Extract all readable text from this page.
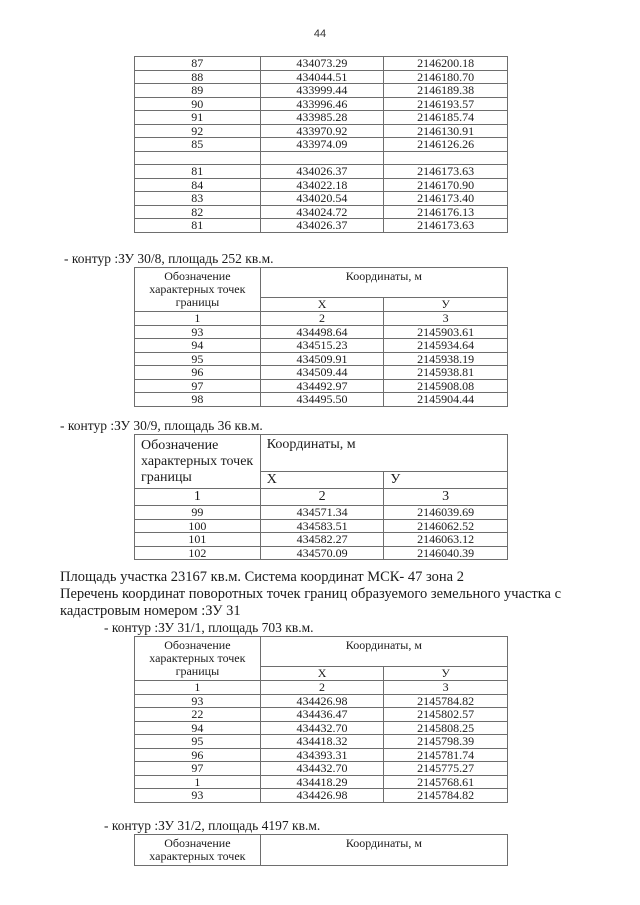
44
87	434073.29	2146200.18
88	434044.51	2146180.70
89	433999.44	2146189.38
90	433996.46	2146193.57
91	433985.28	2146185.74
92	433970.92	2146130.91
85	433974.09	2146126.26

81	434026.37	2146173.63
84	434022.18	2146170.90
83	434020.54	2146173.40
82	434024.72	2146176.13
81	434026.37	2146173.63
- контур :ЗУ 30/8, площадь 252 кв.м.
Обозначение характерных точек границы	Координаты, м	
	Х	У
1	2	3
93	434498.64	2145903.61
94	434515.23	2145934.64
95	434509.91	2145938.19
96	434509.44	2145938.81
97	434492.97	2145908.08
98	434495.50	2145904.44
- контур :ЗУ 30/9, площадь 36 кв.м.
Обозначение характерных точек границы	Координаты, м	
	Х	У
1	2	3
99	434571.34	2146039.69
100	434583.51	2146062.52
101	434582.27	2146063.12
102	434570.09	2146040.39
Площадь участка 23167 кв.м. Система координат МСК- 47 зона 2
Перечень координат поворотных точек границ образуемого земельного участка с
кадастровым номером :ЗУ 31
- контур :ЗУ 31/1, площадь 703 кв.м.
Обозначение характерных точек границы	Координаты, м	
	Х	У
1	2	3
93	434426.98	2145784.82
22	434436.47	2145802.57
94	434432.70	2145808.25
95	434418.32	2145798.39
96	434393.31	2145781.74
97	434432.70	2145775.27
1	434418.29	2145768.61
93	434426.98	2145784.82
- контур :ЗУ 31/2, площадь 4197 кв.м.
Обозначение характерных точек	Координаты, м
